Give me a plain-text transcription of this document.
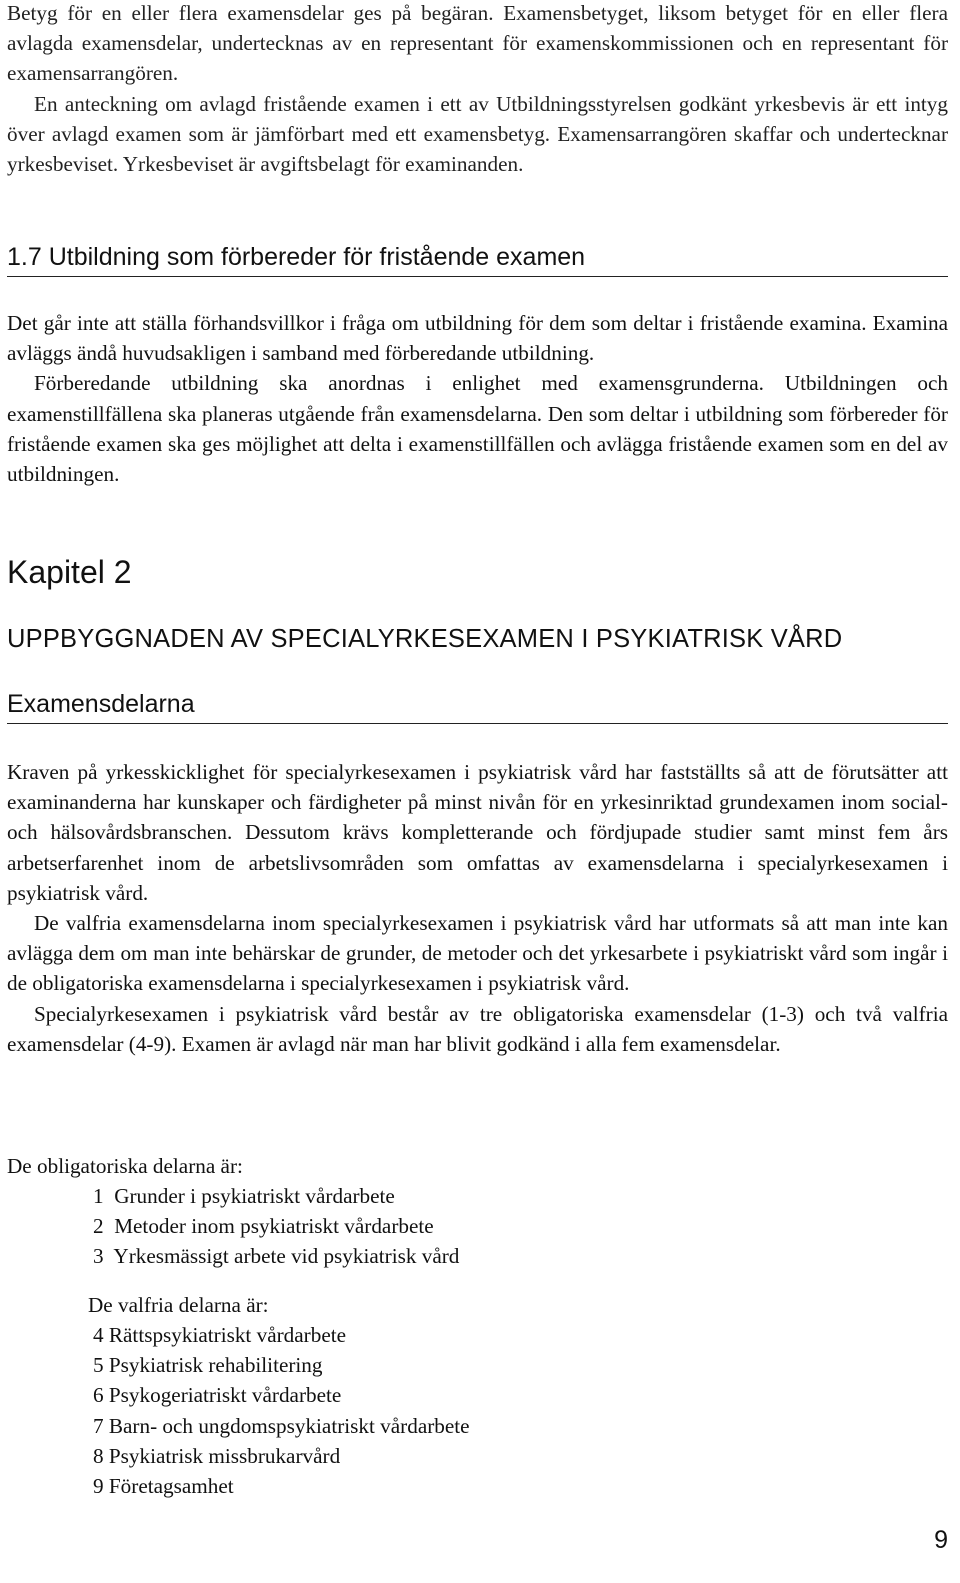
Betyg för en eller flera examensdelar ges på begäran. Examensbetyget, liksom betyget för en eller flera avlagda examensdelar, undertecknas av en representant för examenskommissionen och en representant för examensarrangören.

En anteckning om avlagd fristående examen i ett av Utbildningsstyrelsen godkänt yrkesbevis är ett intyg över avlagd examen som är jämförbart med ett examensbetyg. Examensarrangören skaffar och undertecknar yrkesbeviset. Yrkesbeviset är avgiftsbelagt för examinanden.

1.7 Utbildning som förbereder för fristående examen

Det går inte att ställa förhandsvillkor i fråga om utbildning för dem som deltar i fristående examina. Examina avläggs ändå huvudsakligen i samband med förberedande utbildning.

Förberedande utbildning ska anordnas i enlighet med examensgrunderna. Utbildningen och examenstillfällena ska planeras utgående från examensdelarna. Den som deltar i utbildning som förbereder för fristående examen ska ges möjlighet att delta i examenstillfällen och avlägga fristående examen som en del av utbildningen.

Kapitel 2
UPPBYGGNADEN AV SPECIALYRKESEXAMEN I PSYKIATRISK VÅRD
Examensdelarna

Kraven på yrkesskicklighet för specialyrkesexamen i psykiatrisk vård har fastställts så att de förutsätter att examinanderna har kunskaper och färdigheter på minst nivån för en yrkesinriktad grundexamen inom social- och hälsovårdsbranschen. Dessutom krävs kompletterande och fördjupade studier samt minst fem års arbetserfarenhet inom de arbetslivsområden som omfattas av examensdelarna i specialyrkesexamen i psykiatrisk vård.

De valfria examensdelarna inom specialyrkesexamen i psykiatrisk vård har utformats så att man inte kan avlägga dem om man inte behärskar de grunder, de metoder och det yrkesarbete i psykiatriskt vård som ingår i de obligatoriska examensdelarna i specialyrkesexamen i psykiatrisk vård.

Specialyrkesexamen i psykiatrisk vård består av tre obligatoriska examensdelar (1-3) och två valfria examensdelar (4-9). Examen är avlagd när man har blivit godkänd i alla fem examensdelar.

De obligatoriska delarna är:

1  Grunder i psykiatriskt vårdarbete
2  Metoder inom psykiatriskt vårdarbete
3  Yrkesmässigt arbete vid psykiatrisk vård

De valfria delarna är:

4 Rättspsykiatriskt vårdarbete
5 Psykiatrisk rehabilitering
6 Psykogeriatriskt vårdarbete
7 Barn- och ungdomspsykiatriskt vårdarbete
8 Psykiatrisk missbrukarvård
9 Företagsamhet
9
